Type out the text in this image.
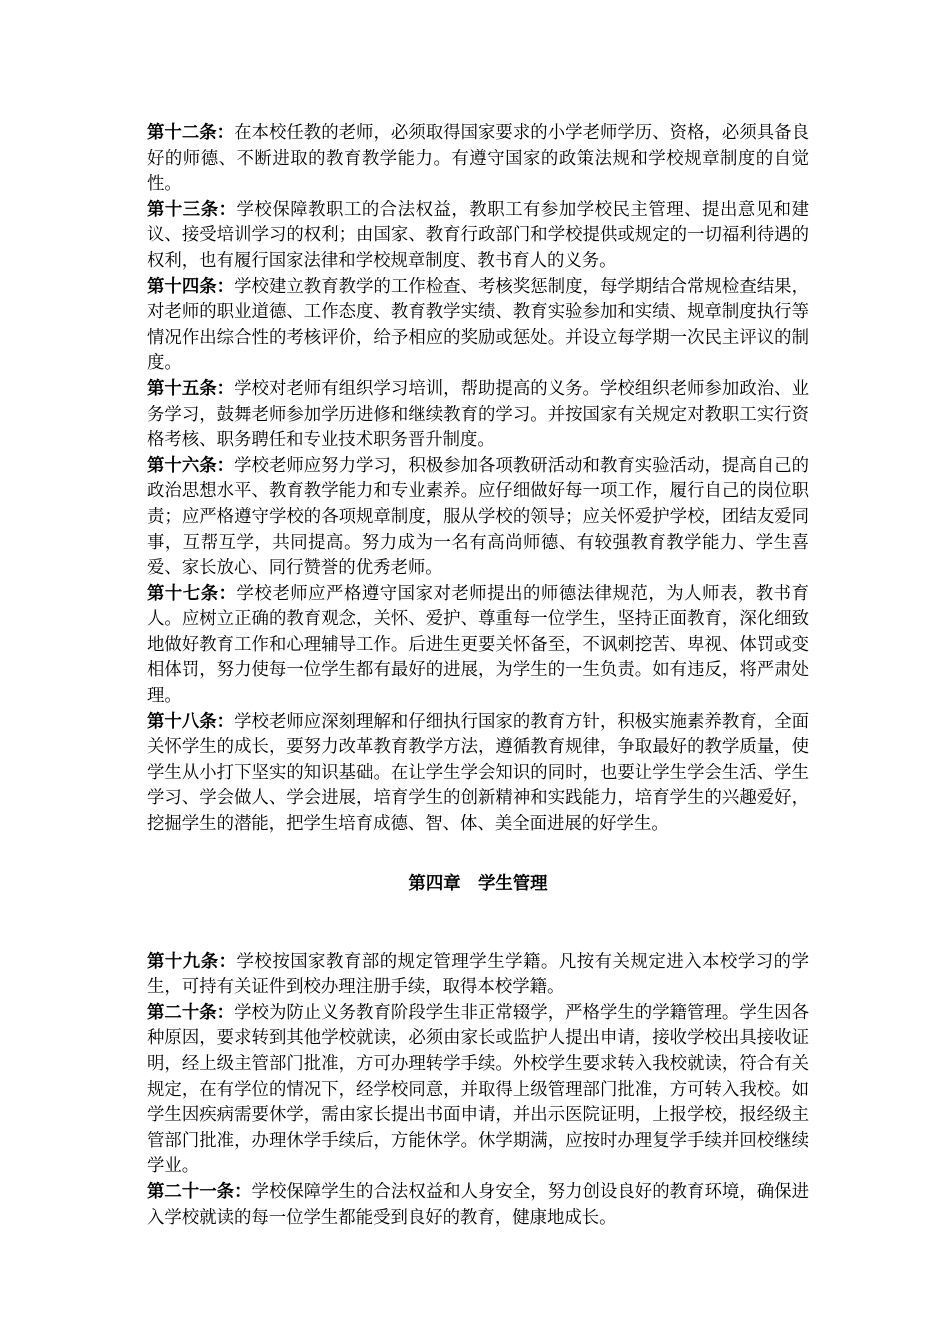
第十二条：在本校任教的老师，必须取得国家要求的小学老师学历、资格，必须具备良好的师德、不断进取的教育教学能力。有遵守国家的政策法规和学校规章制度的自觉性。

第十三条：学校保障教职工的合法权益，教职工有参加学校民主管理、提出意见和建议、接受培训学习的权利；由国家、教育行政部门和学校提供或规定的一切福利待遇的权利，也有履行国家法律和学校规章制度、教书育人的义务。

第十四条：学校建立教育教学的工作检查、考核奖惩制度，每学期结合常规检查结果，对老师的职业道德、工作态度、教育教学实绩、教育实验参加和实绩、规章制度执行等情况作出综合性的考核评价，给予相应的奖励或惩处。并设立每学期一次民主评议的制度。

第十五条：学校对老师有组织学习培训，帮助提高的义务。学校组织老师参加政治、业务学习，鼓舞老师参加学历进修和继续教育的学习。并按国家有关规定对教职工实行资格考核、职务聘任和专业技术职务晋升制度。

第十六条：学校老师应努力学习，积极参加各项教研活动和教育实验活动，提高自己的政治思想水平、教育教学能力和专业素养。应仔细做好每一项工作，履行自己的岗位职责；应严格遵守学校的各项规章制度，服从学校的领导；应关怀爱护学校，团结友爱同事，互帮互学，共同提高。努力成为一名有高尚师德、有较强教育教学能力、学生喜爱、家长放心、同行赞誉的优秀老师。

第十七条：学校老师应严格遵守国家对老师提出的师德法律规范，为人师表，教书育人。应树立正确的教育观念，关怀、爱护、尊重每一位学生，坚持正面教育，深化细致地做好教育工作和心理辅导工作。后进生更要关怀备至，不讽刺挖苦、卑视、体罚或变相体罚，努力使每一位学生都有最好的进展，为学生的一生负责。如有违反，将严肃处理。

第十八条：学校老师应深刻理解和仔细执行国家的教育方针，积极实施素养教育，全面关怀学生的成长，要努力改革教育教学方法，遵循教育规律，争取最好的教学质量，使学生从小打下坚实的知识基础。在让学生学会知识的同时，也要让学生学会生活、学生学习、学会做人、学会进展，培育学生的创新精神和实践能力，培育学生的兴趣爱好，挖掘学生的潜能，把学生培育成德、智、体、美全面进展的好学生。

第四章　学生管理

第十九条：学校按国家教育部的规定管理学生学籍。凡按有关规定进入本校学习的学生，可持有关证件到校办理注册手续，取得本校学籍。

第二十条：学校为防止义务教育阶段学生非正常辍学，严格学生的学籍管理。学生因各种原因，要求转到其他学校就读，必须由家长或监护人提出申请，接收学校出具接收证明，经上级主管部门批准，方可办理转学手续。外校学生要求转入我校就读，符合有关规定，在有学位的情况下，经学校同意，并取得上级管理部门批准，方可转入我校。如学生因疾病需要休学，需由家长提出书面申请，并出示医院证明，上报学校，报经级主管部门批准，办理休学手续后，方能休学。休学期满，应按时办理复学手续并回校继续学业。

第二十一条：学校保障学生的合法权益和人身安全，努力创设良好的教育环境，确保进入学校就读的每一位学生都能受到良好的教育，健康地成长。
